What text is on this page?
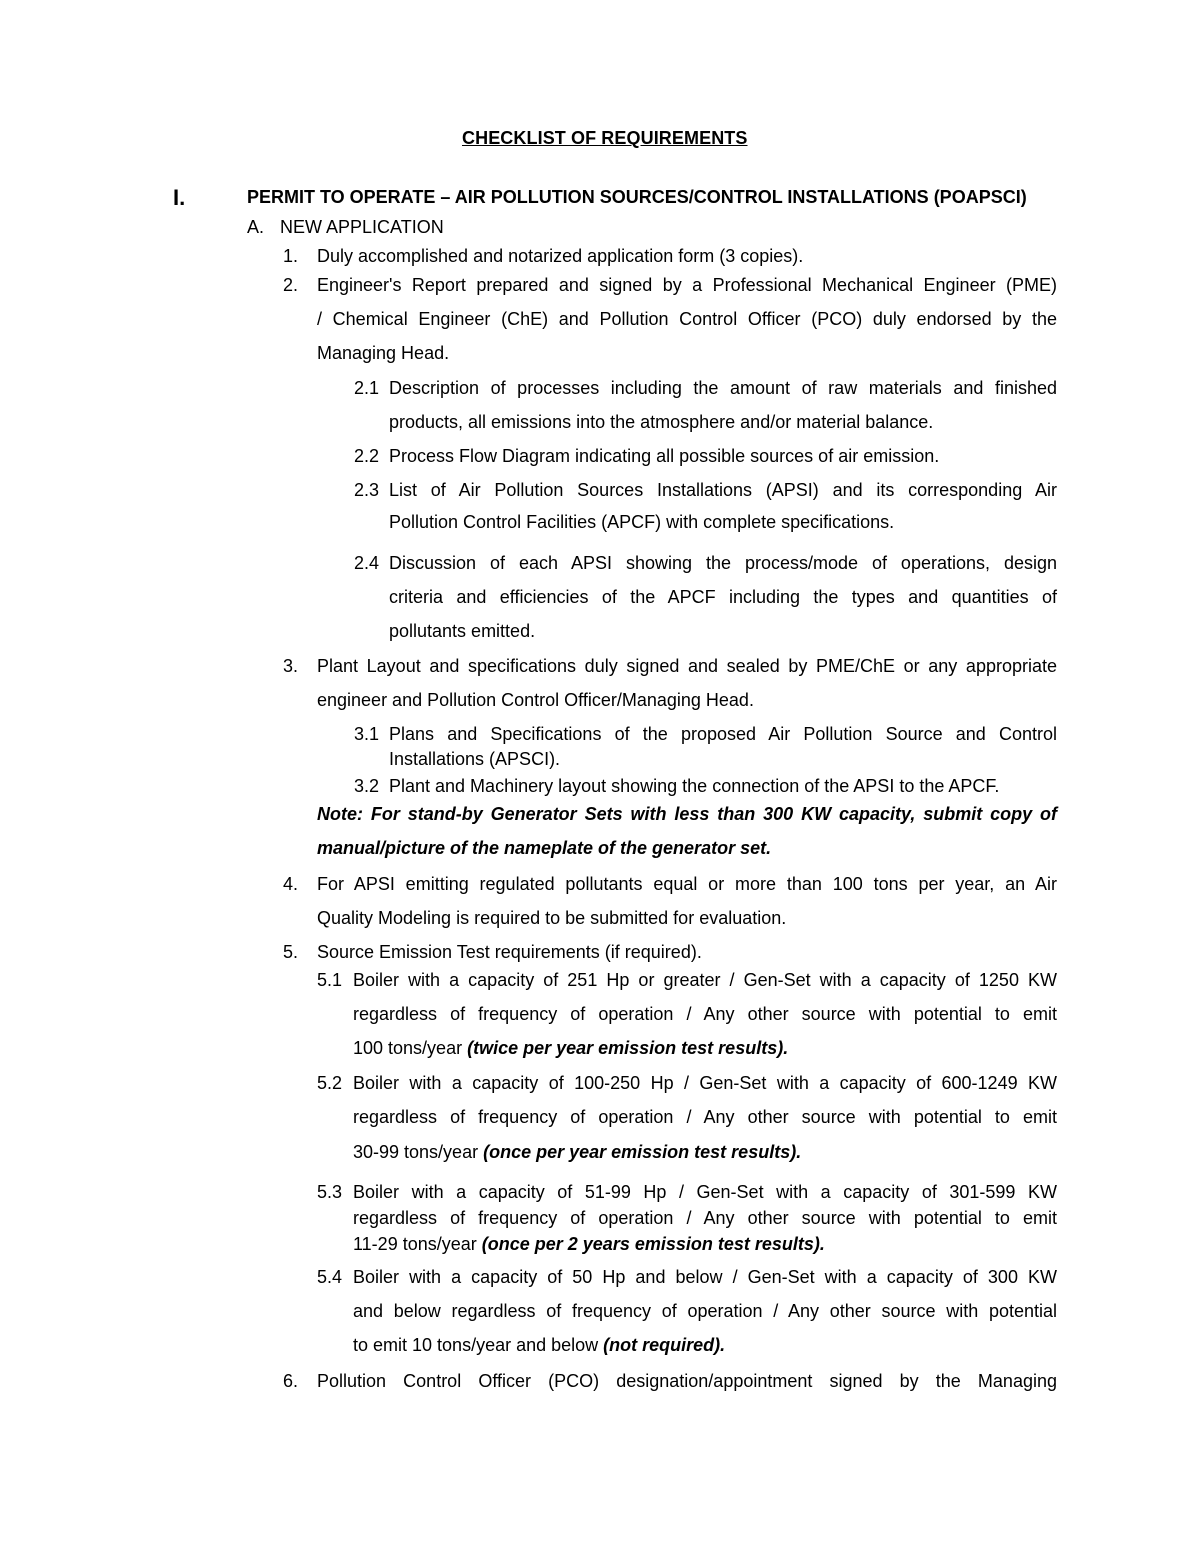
CHECKLIST OF REQUIREMENTS
I.	PERMIT TO OPERATE – AIR POLLUTION SOURCES/CONTROL INSTALLATIONS (POAPSCI)
A. NEW APPLICATION
1. Duly accomplished and notarized application form (3 copies).
2. Engineer's Report prepared and signed by a Professional Mechanical Engineer (PME)
/ Chemical Engineer (ChE) and Pollution Control Officer (PCO) duly endorsed by the
Managing Head.
2.1 Description of processes including the amount of raw materials and finished
products, all emissions into the atmosphere and/or material balance.
2.2 Process Flow Diagram indicating all possible sources of air emission.
2.3 List of Air Pollution Sources Installations (APSI) and its corresponding Air
Pollution Control Facilities (APCF) with complete specifications.
2.4 Discussion of each APSI showing the process/mode of operations, design
criteria and efficiencies of the APCF including the types and quantities of
pollutants emitted.
3. Plant Layout and specifications duly signed and sealed by PME/ChE or any appropriate
engineer and Pollution Control Officer/Managing Head.
3.1 Plans and Specifications of the proposed Air Pollution Source and Control
Installations (APSCI).
3.2 Plant and Machinery layout showing the connection of the APSI to the APCF.
Note: For stand-by Generator Sets with less than 300 KW capacity, submit copy of
manual/picture of the nameplate of the generator set.
4. For APSI emitting regulated pollutants equal or more than 100 tons per year, an Air
Quality Modeling is required to be submitted for evaluation.
5. Source Emission Test requirements (if required).
5.1 Boiler with a capacity of 251 Hp or greater / Gen-Set with a capacity of 1250 KW
regardless of frequency of operation / Any other source with potential to emit
100 tons/year (twice per year emission test results).
5.2 Boiler with a capacity of 100-250 Hp / Gen-Set with a capacity of 600-1249 KW
regardless of frequency of operation / Any other source with potential to emit
30-99 tons/year (once per year emission test results).
5.3 Boiler with a capacity of 51-99 Hp / Gen-Set with a capacity of 301-599 KW
regardless of frequency of operation / Any other source with potential to emit
11-29 tons/year (once per 2 years emission test results).
5.4 Boiler with a capacity of 50 Hp and below / Gen-Set with a capacity of 300 KW
and below regardless of frequency of operation / Any other source with potential
to emit 10 tons/year and below (not required).
6. Pollution Control Officer (PCO) designation/appointment signed by the Managing
